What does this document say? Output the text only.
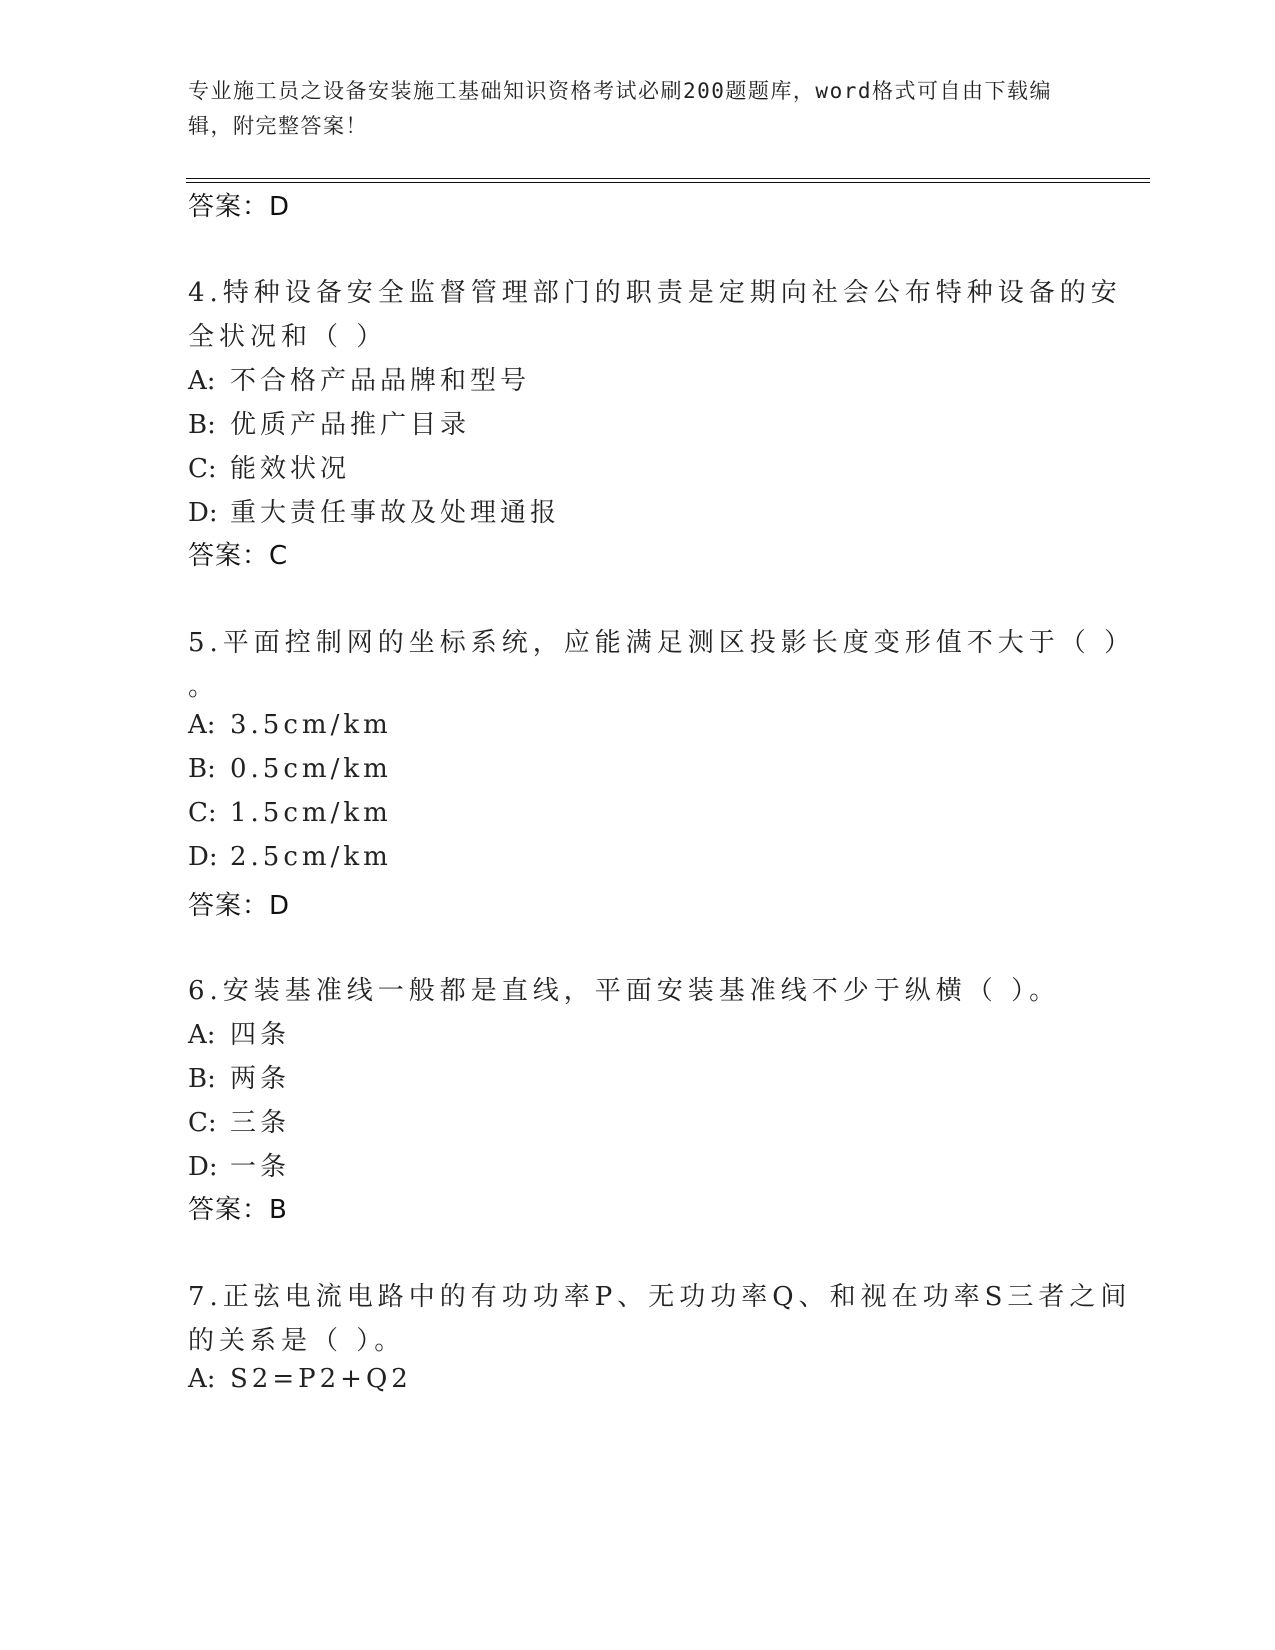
专业施工员之设备安装施工基础知识资格考试必刷200题题库，word格式可自由下载编辑，附完整答案！
答案：D
4.特种设备安全监督管理部门的职责是定期向社会公布特种设备的安
全状况和（ ）
A: 不合格产品品牌和型号
B: 优质产品推广目录
C: 能效状况
D: 重大责任事故及处理通报
答案：C
5.平面控制网的坐标系统，应能满足测区投影长度变形值不大于（ ）
。
A: 3.5cm/km
B: 0.5cm/km
C: 1.5cm/km
D: 2.5cm/km
答案：D
6.安装基准线一般都是直线，平面安装基准线不少于纵横（ ）。
A: 四条
B: 两条
C: 三条
D: 一条
答案：B
7.正弦电流电路中的有功功率P、无功功率Q、和视在功率S三者之间
的关系是（ ）。
A: S2=P2+Q2
